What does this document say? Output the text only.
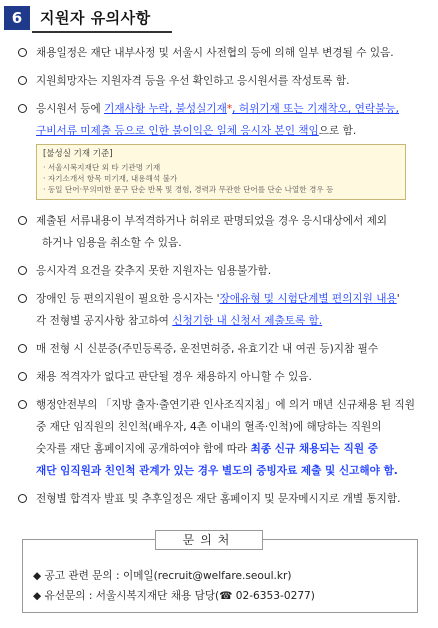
6	지원자 유의사항
채용일정은 재단 내부사정 및 서울시 사전협의 등에 의해 일부 변경될 수 있음.
지원희망자는 지원자격 등을 우선 확인하고 응시원서를 작성토록 함.
응시원서 등에 기재사항 누락, 불성실기재*, 허위기재 또는 기재착오, 연락불능,
구비서류 미제출 등으로 인한 불이익은 일체 응시자 본인 책임으로 함.
[불성실 기재 기준]
· 서울시복지재단 외 타 기관명 기재
· 자기소개서 항목 미기재, 내용해석 불가
· 동일 단어·무의미한 문구 단순 반복 및 경험, 경력과 무관한 단어를 단순 나열한 경우 등
제출된 서류내용이 부적격하거나 허위로 판명되었을 경우 응시대상에서 제외
하거나 임용을 취소할 수 있음.
응시자격 요건을 갖추지 못한 지원자는 임용불가함.
장애인 등 편의지원이 필요한 응시자는 '장애유형 및 시험단계별 편의지원 내용'
각 전형별 공지사항 참고하여 신청기한 내 신청서 제출토록 함.
매 전형 시 신분증(주민등록증, 운전면허증, 유효기간 내 여권 등)지참 필수
채용 적격자가 없다고 판단될 경우 채용하지 아니할 수 있음.
행정안전부의 「지방 출자·출연기관 인사조직지침」에 의거 매년 신규채용 된 직원
중 재단 임직원의 친인척(배우자, 4촌 이내의 혈족·인척)에 해당하는 직원의
숫자를 재단 홈페이지에 공개하여야 함에 따라 최종 신규 채용되는 직원 중
재단 임직원과 친인척 관계가 있는 경우 별도의 증빙자료 제출 및 신고해야 함.
전형별 합격자 발표 및 추후일정은 재단 홈페이지 및 문자메시지로 개별 통지함.
문의처
◆ 공고 관련 문의 : 이메일(recruit@welfare.seoul.kr)
◆ 유선문의 : 서울시복지재단 채용 담당(☎ 02-6353-0277)
